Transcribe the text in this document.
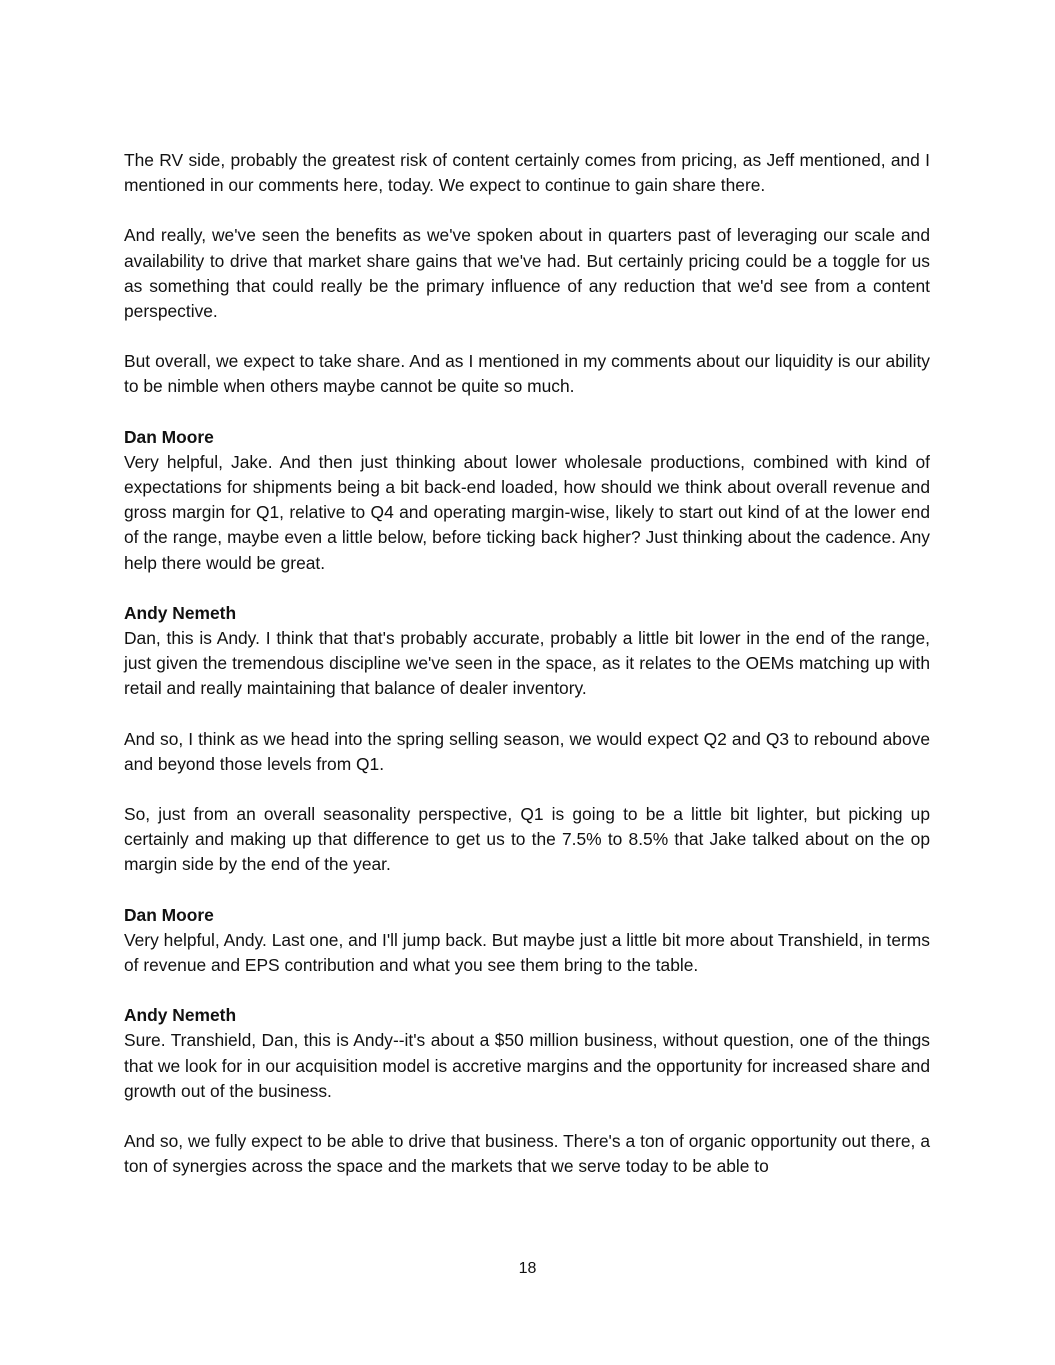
The RV side, probably the greatest risk of content certainly comes from pricing, as Jeff mentioned, and I mentioned in our comments here, today. We expect to continue to gain share there.

And really, we've seen the benefits as we've spoken about in quarters past of leveraging our scale and availability to drive that market share gains that we've had. But certainly pricing could be a toggle for us as something that could really be the primary influence of any reduction that we'd see from a content perspective.

But overall, we expect to take share. And as I mentioned in my comments about our liquidity is our ability to be nimble when others maybe cannot be quite so much.

Dan Moore

Very helpful, Jake. And then just thinking about lower wholesale productions, combined with kind of expectations for shipments being a bit back-end loaded, how should we think about overall revenue and gross margin for Q1, relative to Q4 and operating margin-wise, likely to start out kind of at the lower end of the range, maybe even a little below, before ticking back higher? Just thinking about the cadence. Any help there would be great.

Andy Nemeth

Dan, this is Andy. I think that that's probably accurate, probably a little bit lower in the end of the range, just given the tremendous discipline we've seen in the space, as it relates to the OEMs matching up with retail and really maintaining that balance of dealer inventory.

And so, I think as we head into the spring selling season, we would expect Q2 and Q3 to rebound above and beyond those levels from Q1.

So, just from an overall seasonality perspective, Q1 is going to be a little bit lighter, but picking up certainly and making up that difference to get us to the 7.5% to 8.5% that Jake talked about on the op margin side by the end of the year.

Dan Moore

Very helpful, Andy. Last one, and I'll jump back. But maybe just a little bit more about Transhield, in terms of revenue and EPS contribution and what you see them bring to the table.

Andy Nemeth

Sure. Transhield, Dan, this is Andy--it's about a $50 million business, without question, one of the things that we look for in our acquisition model is accretive margins and the opportunity for increased share and growth out of the business.

And so, we fully expect to be able to drive that business. There's a ton of organic opportunity out there, a ton of synergies across the space and the markets that we serve today to be able to

18
